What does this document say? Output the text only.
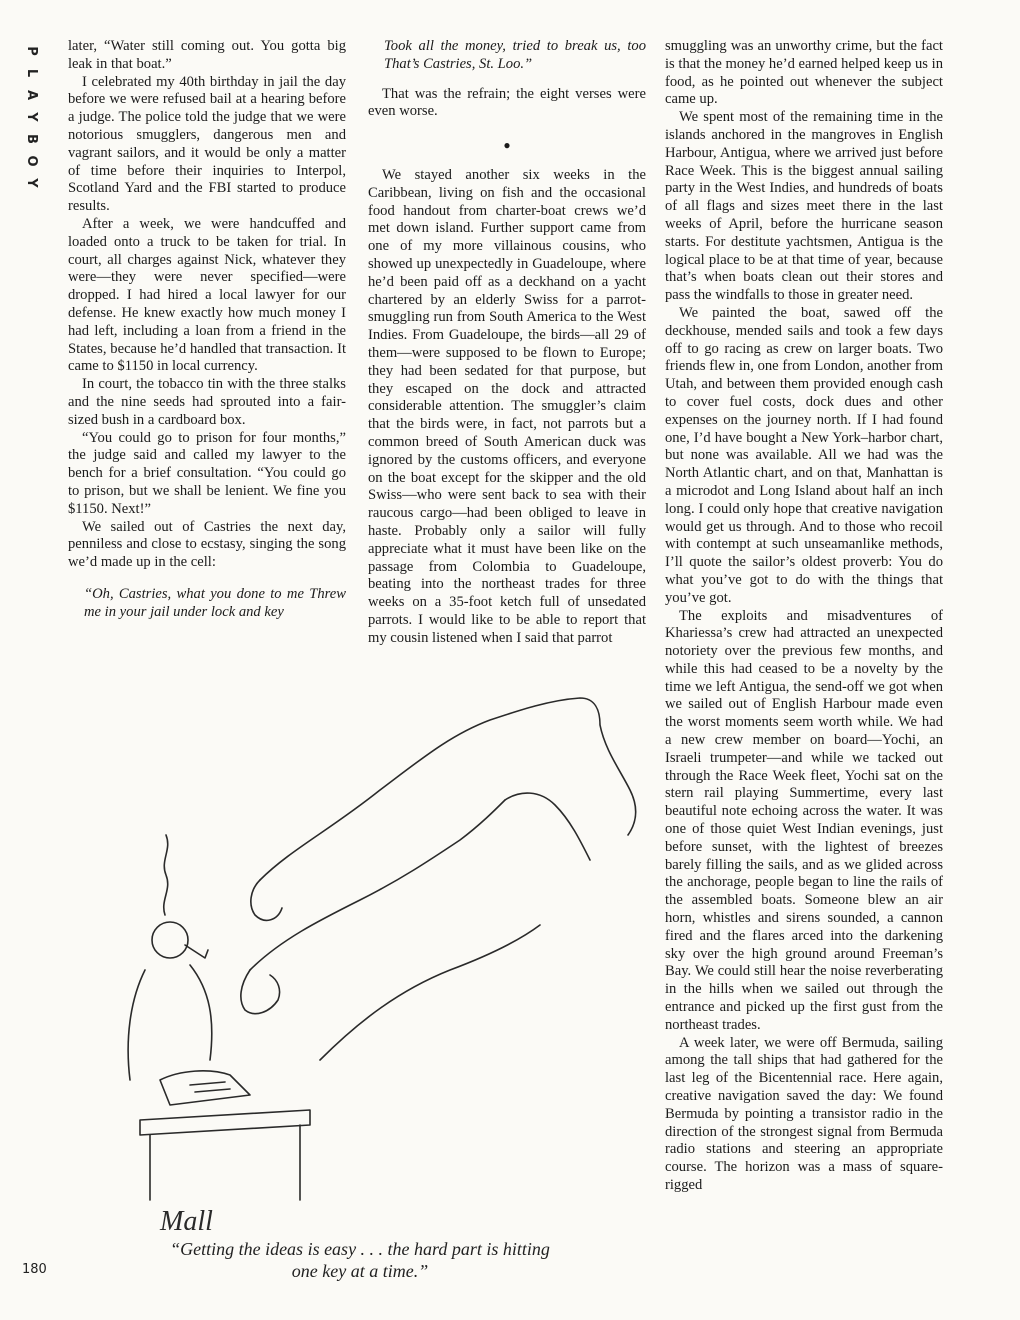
P
L
A
Y
B
O
Y

later, “Water still coming out. You gotta big leak in that boat.”

I celebrated my 40th birthday in jail the day before we were refused bail at a hearing before a judge. The police told the judge that we were notorious smugglers, dangerous men and vagrant sailors, and it would be only a matter of time before their inquiries to Interpol, Scotland Yard and the FBI started to produce results.

After a week, we were handcuffed and loaded onto a truck to be taken for trial. In court, all charges against Nick, whatever they were—they were never specified—were dropped. I had hired a local lawyer for our defense. He knew exactly how much money I had left, including a loan from a friend in the States, because he’d handled that transaction. It came to $1150 in local currency.

In court, the tobacco tin with the three stalks and the nine seeds had sprouted into a fair-sized bush in a cardboard box.

“You could go to prison for four months,” the judge said and called my lawyer to the bench for a brief consultation. “You could go to prison, but we shall be lenient. We fine you $1150. Next!”

We sailed out of Castries the next day, penniless and close to ecstasy, singing the song we’d made up in the cell:

“Oh, Castries, what you done to me Threw me in your jail under lock and key

Took all the money, tried to break us, too That’s Castries, St. Loo.”

That was the refrain; the eight verses were even worse.

●

We stayed another six weeks in the Caribbean, living on fish and the occasional food handout from charter-boat crews we’d met down island. Further support came from one of my more villainous cousins, who showed up unexpectedly in Guadeloupe, where he’d been paid off as a deckhand on a yacht chartered by an elderly Swiss for a parrot-smuggling run from South America to the West Indies. From Guadeloupe, the birds—all 29 of them—were supposed to be flown to Europe; they had been sedated for that purpose, but they escaped on the dock and attracted considerable attention. The smuggler’s claim that the birds were, in fact, not parrots but a common breed of South American duck was ignored by the customs officers, and everyone on the boat except for the skipper and the old Swiss—who were sent back to sea with their raucous cargo—had been obliged to leave in haste. Probably only a sailor will fully appreciate what it must have been like on the passage from Colombia to Guadeloupe, beating into the northeast trades for three weeks on a 35-foot ketch full of unsedated parrots. I would like to be able to report that my cousin listened when I said that parrot

smuggling was an unworthy crime, but the fact is that the money he’d earned helped keep us in food, as he pointed out whenever the subject came up.

We spent most of the remaining time in the islands anchored in the mangroves in English Harbour, Antigua, where we arrived just before Race Week. This is the biggest annual sailing party in the West Indies, and hundreds of boats of all flags and sizes meet there in the last weeks of April, before the hurricane season starts. For destitute yachtsmen, Antigua is the logical place to be at that time of year, because that’s when boats clean out their stores and pass the windfalls to those in greater need.

We painted the boat, sawed off the deckhouse, mended sails and took a few days off to go racing as crew on larger boats. Two friends flew in, one from London, another from Utah, and between them provided enough cash to cover fuel costs, dock dues and other expenses on the journey north. If I had found one, I’d have bought a New York–harbor chart, but none was available. All we had was the North Atlantic chart, and on that, Manhattan is a microdot and Long Island about half an inch long. I could only hope that creative navigation would get us through. And to those who recoil with contempt at such unseamanlike methods, I’ll quote the sailor’s oldest proverb: You do what you’ve got to do with the things that you’ve got.

The exploits and misadventures of Khariessa’s crew had attracted an unexpected notoriety over the previous few months, and while this had ceased to be a novelty by the time we left Antigua, the send-off we got when we sailed out of English Harbour made even the worst moments seem worth while. We had a new crew member on board—Yochi, an Israeli trumpeter—and while we tacked out through the Race Week fleet, Yochi sat on the stern rail playing Summertime, every last beautiful note echoing across the water. It was one of those quiet West Indian evenings, just before sunset, with the lightest of breezes barely filling the sails, and as we glided across the anchorage, people began to line the rails of the assembled boats. Someone blew an air horn, whistles and sirens sounded, a cannon fired and the flares arced into the darkening sky over the high ground around Freeman’s Bay. We could still hear the noise reverberating in the hills when we sailed out through the entrance and picked up the first gust from the northeast trades.

A week later, we were off Bermuda, sailing among the tall ships that had gathered for the last leg of the Bicentennial race. Here again, creative navigation saved the day: We found Bermuda by pointing a transistor radio in the direction of the strongest signal from Bermuda radio stations and steering an appropriate course. The horizon was a mass of square-rigged

Mall
“Getting the ideas is easy . . . the hard part is hitting one key at a time.”
180
